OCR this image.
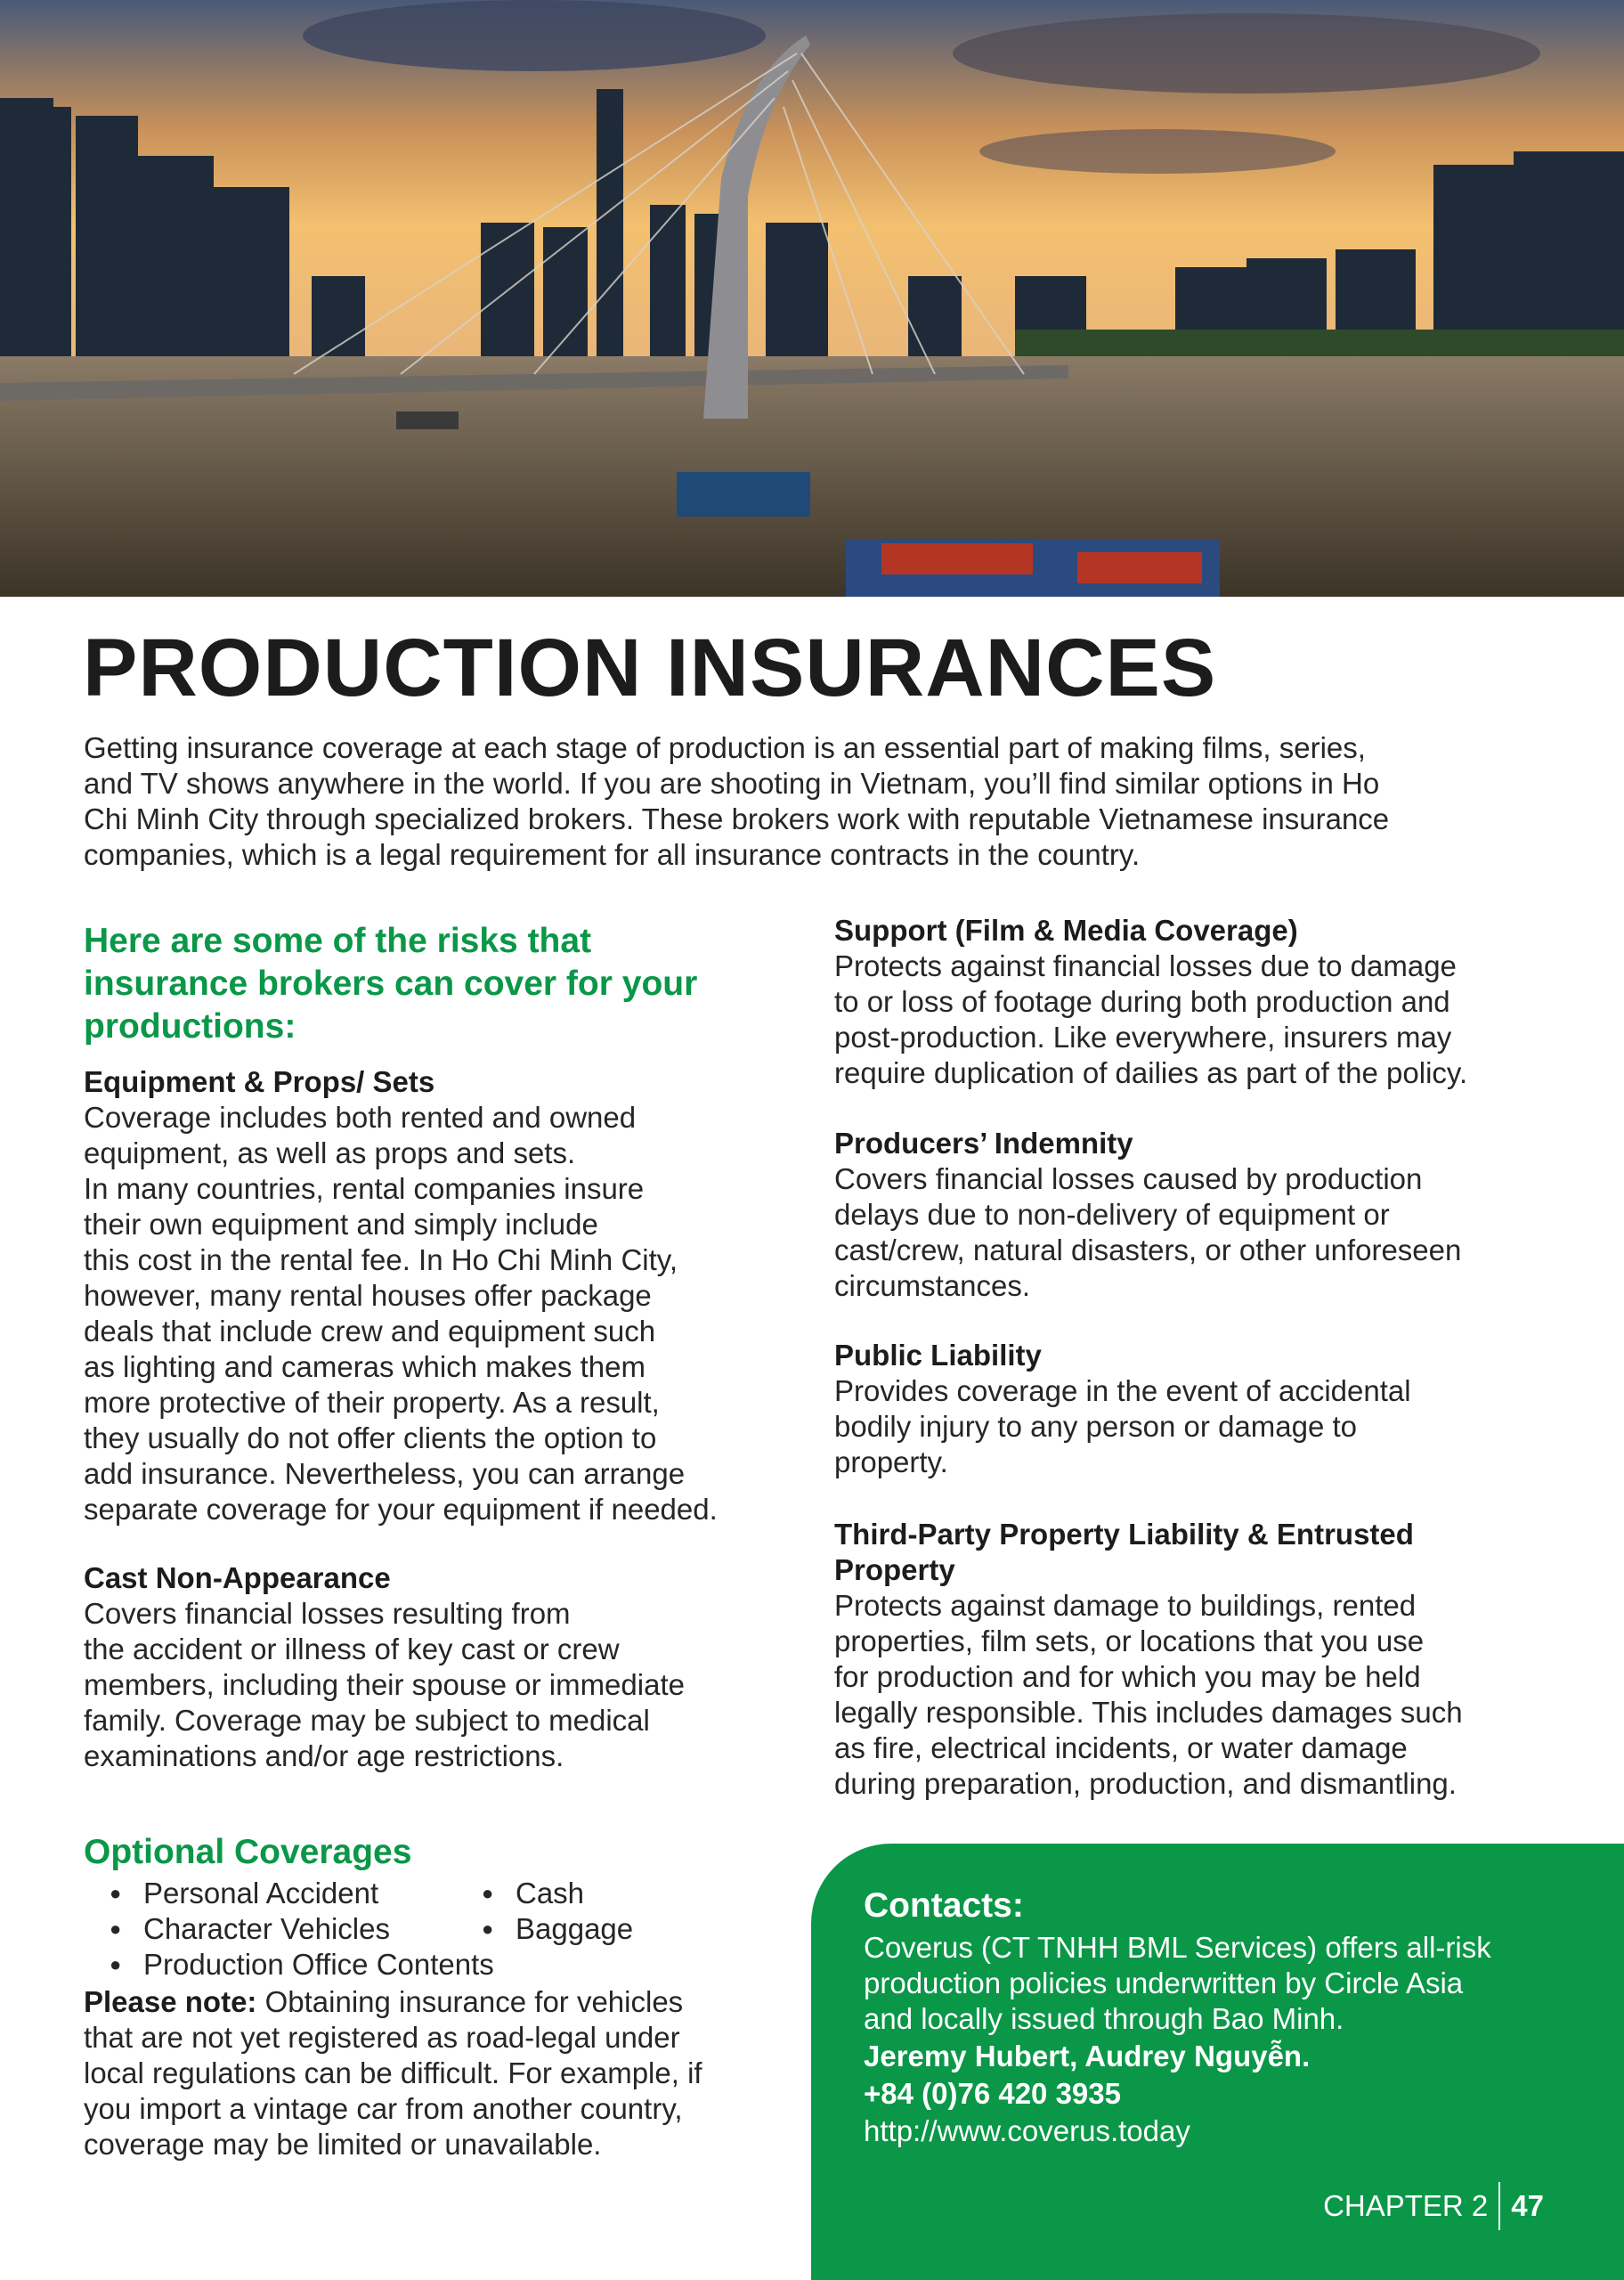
PRODUCTION INSURANCES
Getting insurance coverage at each stage of production is an essential part of making films, series,
and TV shows anywhere in the world. If you are shooting in Vietnam, you’ll find similar options in Ho
Chi Minh City through specialized brokers. These brokers work with reputable Vietnamese insurance
companies, which is a legal requirement for all insurance contracts in the country.
Here are some of the risks that
insurance brokers can cover for your
productions:
Equipment & Props/ Sets
Coverage includes both rented and owned
equipment, as well as props and sets.
In many countries, rental companies insure
their own equipment and simply include
this cost in the rental fee. In Ho Chi Minh City,
however, many rental houses offer package
deals that include crew and equipment such
as lighting and cameras which makes them
more protective of their property. As a result,
they usually do not offer clients the option to
add insurance. Nevertheless, you can arrange
separate coverage for your equipment if needed.
Cast Non-Appearance
Covers financial losses resulting from
the accident or illness of key cast or crew
members, including their spouse or immediate
family. Coverage may be subject to medical
examinations and/or age restrictions.
Optional Coverages
● Personal Accident	● Cash
● Character Vehicles	● Baggage
● Production Office Contents
Please note: Obtaining insurance for vehicles
that are not yet registered as road-legal under
local regulations can be difficult. For example, if
you import a vintage car from another country,
coverage may be limited or unavailable.
Support (Film & Media Coverage)
Protects against financial losses due to damage
to or loss of footage during both production and
post-production. Like everywhere, insurers may
require duplication of dailies as part of the policy.
Producers’ Indemnity
Covers financial losses caused by production
delays due to non-delivery of equipment or
cast/crew, natural disasters, or other unforeseen
circumstances.
Public Liability
Provides coverage in the event of accidental
bodily injury to any person or damage to
property.
Third-Party Property Liability & Entrusted
Property
Protects against damage to buildings, rented
properties, film sets, or locations that you use
for production and for which you may be held
legally responsible. This includes damages such
as fire, electrical incidents, or water damage
during preparation, production, and dismantling.
Contacts:
Coverus (CT TNHH BML Services) offers all-risk
production policies underwritten by Circle Asia
and locally issued through Bao Minh.
Jeremy Hubert, Audrey Nguyễn.
+84 (0)76 420 3935
http://www.coverus.today
CHAPTER 2 47
